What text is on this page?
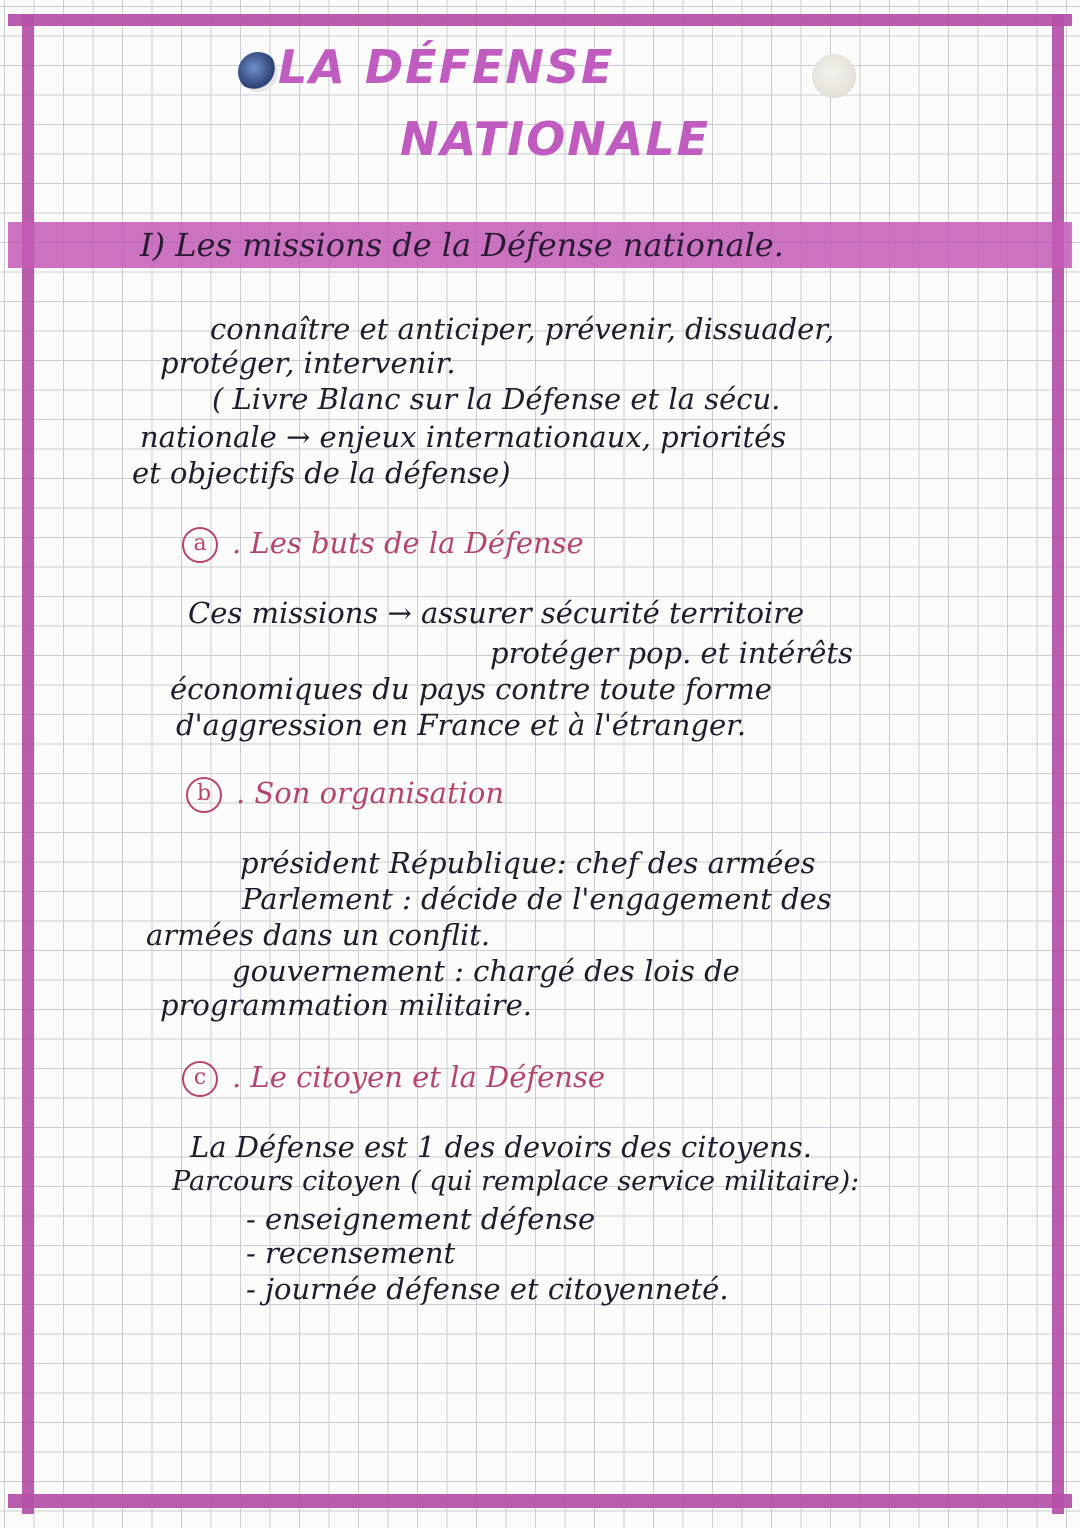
LA DÉFENSE
NATIONALE
I) Les missions de la Défense nationale.
connaître et anticiper, prévenir, dissuader,
protéger, intervenir.
( Livre Blanc sur la Défense et la sécu.
nationale → enjeux internationaux, priorités
et objectifs de la défense)
a . Les buts de la Défense
Ces missions → assurer sécurité territoire
protéger pop. et intérêts
économiques du pays contre toute forme
d'aggression en France et à l'étranger.
b . Son organisation
président République: chef des armées
Parlement : décide de l'engagement des
armées dans un conflit.
gouvernement : chargé des lois de
programmation militaire.
c . Le citoyen et la Défense
La Défense est 1 des devoirs des citoyens.
Parcours citoyen ( qui remplace service militaire):
- enseignement défense
- recensement
- journée défense et citoyenneté.
